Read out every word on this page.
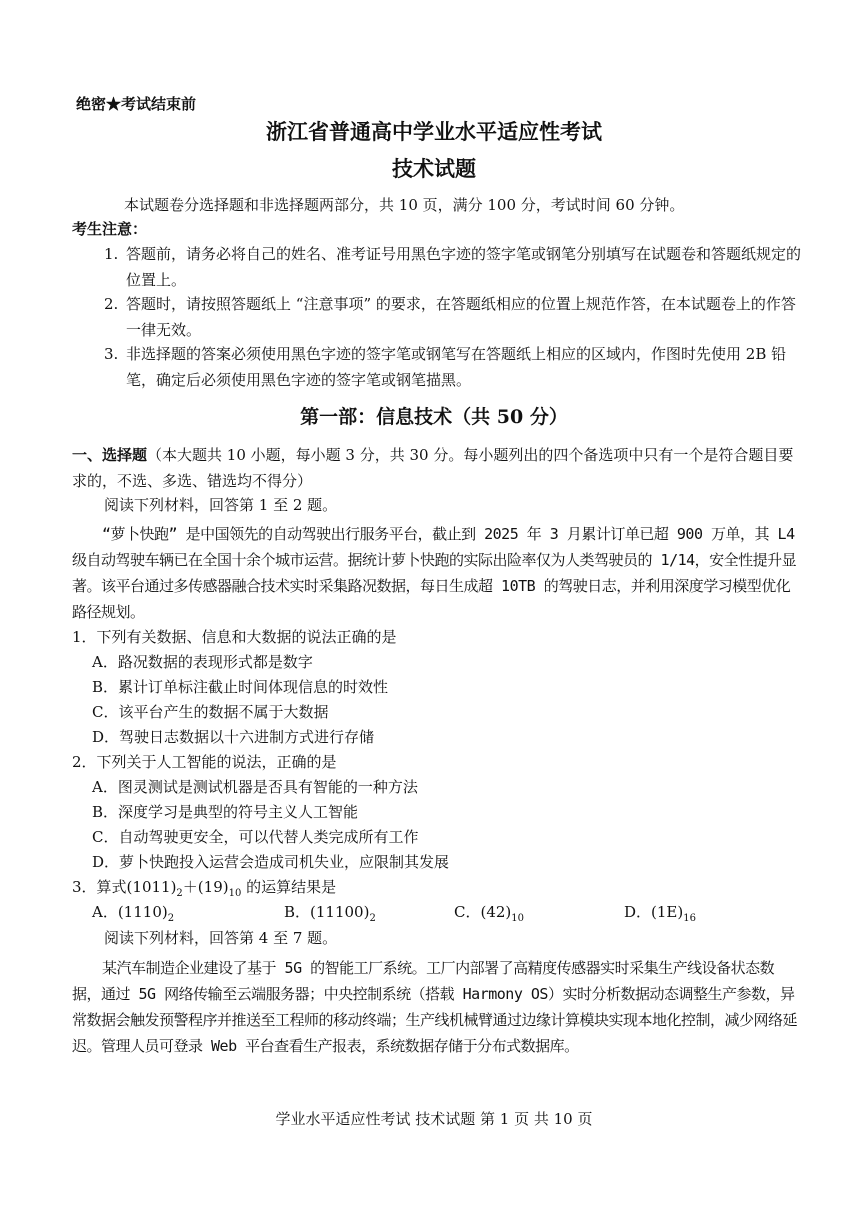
绝密★考试结束前
浙江省普通高中学业水平适应性考试
技术试题
本试题卷分选择题和非选择题两部分，共 10 页，满分 100 分，考试时间 60 分钟。
考生注意：
1. 答题前，请务必将自己的姓名、准考证号用黑色字迹的签字笔或钢笔分别填写在试题卷和答题纸规定的位置上。
2. 答题时，请按照答题纸上 “注意事项” 的要求，在答题纸相应的位置上规范作答，在本试题卷上的作答一律无效。
3. 非选择题的答案必须使用黑色字迹的签字笔或钢笔写在答题纸上相应的区域内，作图时先使用 2B 铅笔，确定后必须使用黑色字迹的签字笔或钢笔描黑。
第一部：信息技术（共 50 分）
一、选择题（本大题共 10 小题，每小题 3 分，共 30 分。每小题列出的四个备选项中只有一个是符合题目要求的，不选、多选、错选均不得分）
阅读下列材料，回答第 1 至 2 题。
“萝卜快跑” 是中国领先的自动驾驶出行服务平台，截止到 2025 年 3 月累计订单已超 900 万单，其 L4 级自动驾驶车辆已在全国十余个城市运营。据统计萝卜快跑的实际出险率仅为人类驾驶员的 1/14，安全性提升显著。该平台通过多传感器融合技术实时采集路况数据，每日生成超 10TB 的驾驶日志，并利用深度学习模型优化路径规划。
1．下列有关数据、信息和大数据的说法正确的是
A．路况数据的表现形式都是数字
B．累计订单标注截止时间体现信息的时效性
C．该平台产生的数据不属于大数据
D．驾驶日志数据以十六进制方式进行存储
2．下列关于人工智能的说法，正确的是
A．图灵测试是测试机器是否具有智能的一种方法
B．深度学习是典型的符号主义人工智能
C．自动驾驶更安全，可以代替人类完成所有工作
D．萝卜快跑投入运营会造成司机失业，应限制其发展
3．算式$(1011)_2+(19)_{10}$ 的运算结果是
A．$(1110)_2$	B．$(11100)_2$	C．$(42)_{10}$	D．$(1E)_{16}$
阅读下列材料，回答第 4 至 7 题。
某汽车制造企业建设了基于 5G 的智能工厂系统。工厂内部署了高精度传感器实时采集生产线设备状态数据，通过 5G 网络传输至云端服务器；中央控制系统（搭载 Harmony OS）实时分析数据动态调整生产参数，异常数据会触发预警程序并推送至工程师的移动终端；生产线机械臂通过边缘计算模块实现本地化控制，减少网络延迟。管理人员可登录 Web 平台查看生产报表，系统数据存储于分布式数据库。
学业水平适应性考试 技术试题 第 1 页 共 10 页
